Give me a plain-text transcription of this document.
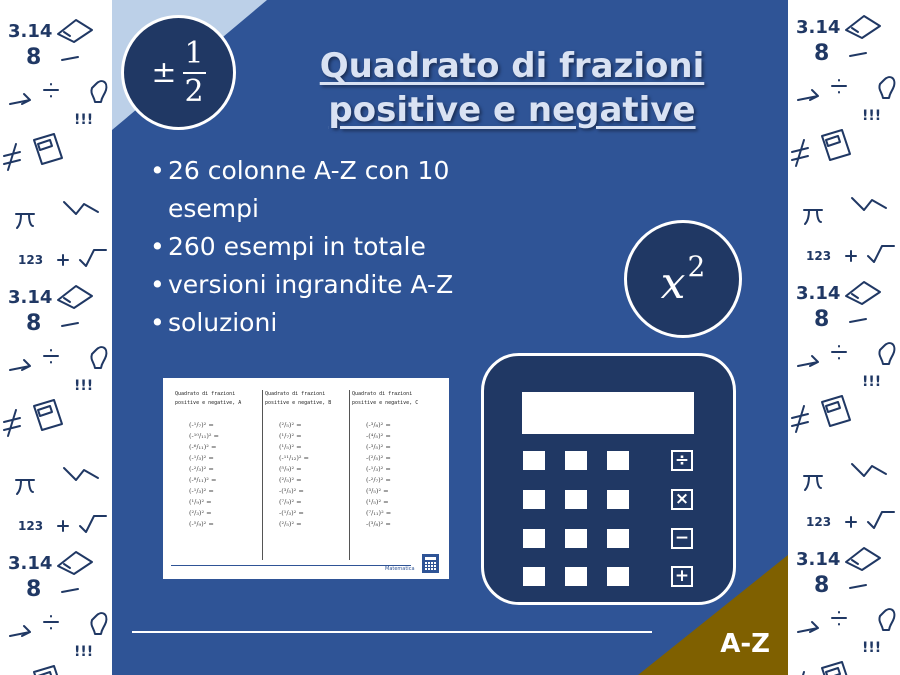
3.14
8
!!!
123
3.14
8
!!!
123
3.14
8
!!!
3.14
8
!!!
123
3.14
8
!!!
123
3.14
8
!!!
A-Z
± $\frac{1}{2}$	Quadrato di frazioni positive e negative
• 26 colonne A-Z con 10 esempi
• 260 esempi in totale
• versioni ingrandite A-Z
• soluzioni
$x^2$
Quadrato di frazioni positive e negative, A
(-¹/₇)² =
(-¹⁰/₁₁)² =
(-⁶/₁₁)² =
(-¹/₃)² =
(-²/₃)² =
(-⁸/₁₁)² =
(-¹/₃)² =
(¹/₉)² =
(²/₃)² =
(-⁵/₉)² =
Quadrato di frazioni positive e negative, B
(²/₅)² =
(¹/₇)² =
(¹/₅)² =
(-¹¹/₁₂)² =
(⁵/₉)² =
(²/₅)² =
-(³/₅)² =
(⁷/₉)² =
-(¹/₃)² =
(²/₅)² =
Quadrato di frazioni positive e negative, C
(-³/₈)² =
-(⁴/₅)² =
(-³/₅)² =
-(²/₅)² =
(-¹/₃)² =
(-²/₇)² =
(³/₅)² =
(¹/₅)² =
(⁷/₁₁)² =
-(³/₈)² =
Matematica
÷
×
−
+
